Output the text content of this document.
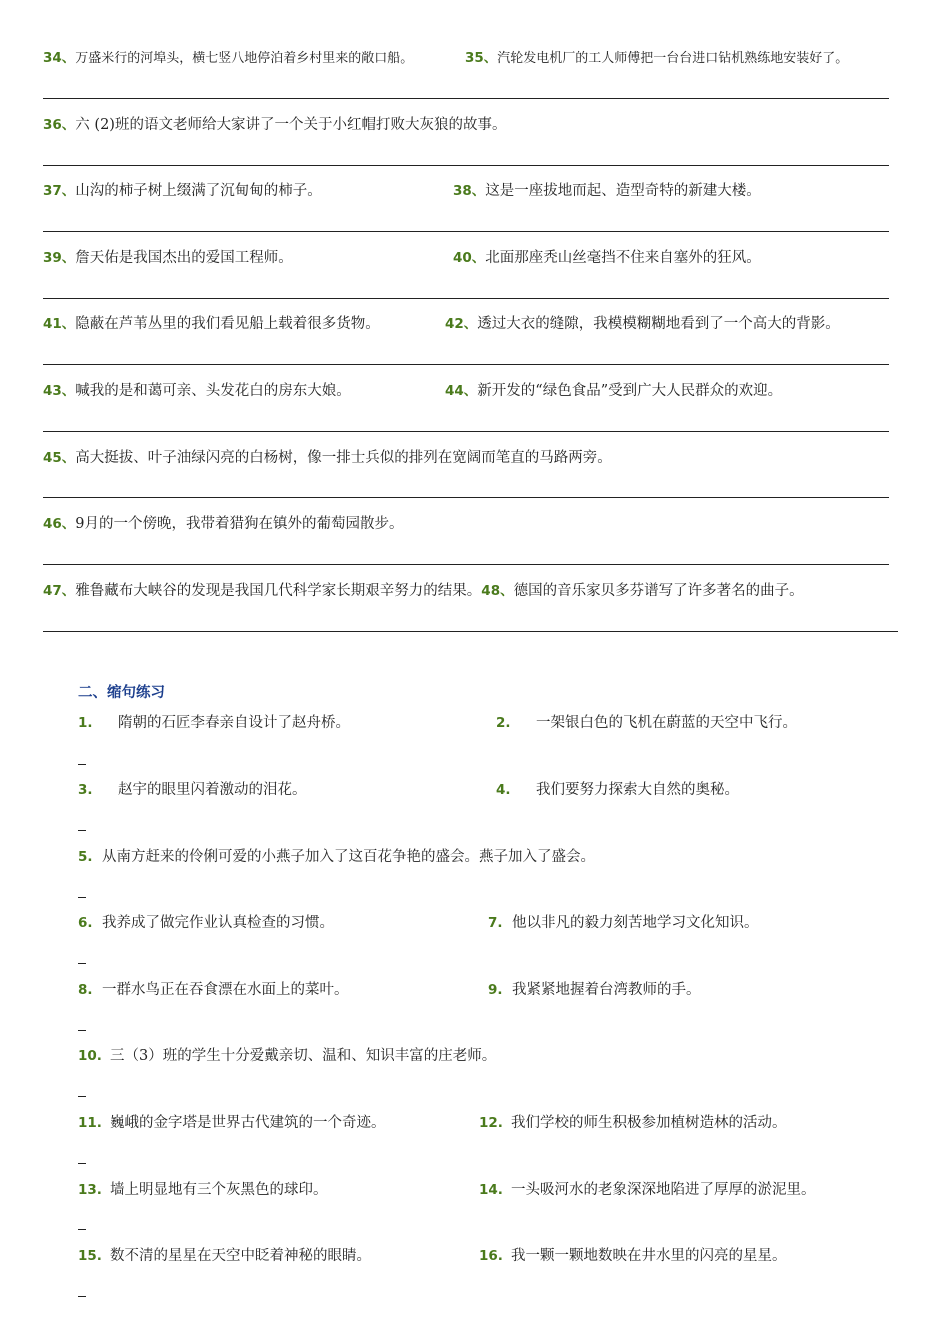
34、万盛米行的河埠头，横七竖八地停泊着乡村里来的敞口船。	35、汽轮发电机厂的工人师傅把一台台进口钻机熟练地安装好了。
36、六 (2)班的语文老师给大家讲了一个关于小红帽打败大灰狼的故事。
37、山沟的柿子树上缀满了沉甸甸的柿子。	38、这是一座拔地而起、造型奇特的新建大楼。
39、詹天佑是我国杰出的爱国工程师。	40、北面那座秃山丝毫挡不住来自塞外的狂风。
41、隐蔽在芦苇丛里的我们看见船上载着很多货物。	42、透过大衣的缝隙，我模模糊糊地看到了一个高大的背影。
43、喊我的是和蔼可亲、头发花白的房东大娘。	44、新开发的“绿色食品”受到广大人民群众的欢迎。
45、高大挺拔、叶子油绿闪亮的白杨树，像一排士兵似的排列在宽阔而笔直的马路两旁。
46、9月的一个傍晚，我带着猎狗在镇外的葡萄园散步。
47、雅鲁藏布大峡谷的发现是我国几代科学家长期艰辛努力的结果。48、德国的音乐家贝多芬谱写了许多著名的曲子。
二、缩句练习
1. 隋朝的石匠李春亲自设计了赵舟桥。	2. 一架银白色的飞机在蔚蓝的天空中飞行。
3. 赵宇的眼里闪着激动的泪花。	4. 我们要努力探索大自然的奥秘。
5. 从南方赶来的伶俐可爱的小燕子加入了这百花争艳的盛会。燕子加入了盛会。
6. 我养成了做完作业认真检查的习惯。	7. 他以非凡的毅力刻苦地学习文化知识。
8. 一群水鸟正在吞食漂在水面上的菜叶。	9. 我紧紧地握着台湾教师的手。
10. 三（3）班的学生十分爱戴亲切、温和、知识丰富的庄老师。
11. 巍峨的金字塔是世界古代建筑的一个奇迹。	12. 我们学校的师生积极参加植树造林的活动。
13. 墙上明显地有三个灰黑色的球印。	14. 一头吸河水的老象深深地陷进了厚厚的淤泥里。
15. 数不清的星星在天空中眨着神秘的眼睛。	16. 我一颗一颗地数映在井水里的闪亮的星星。
